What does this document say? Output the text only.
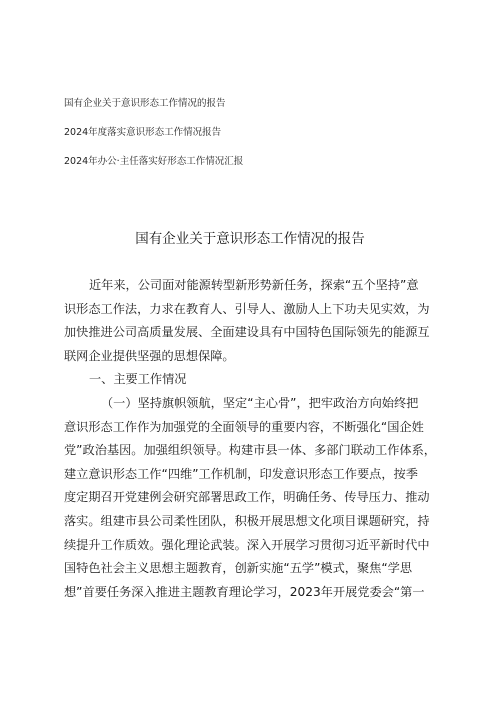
国有企业关于意识形态工作情况的报告
2024年度落实意识形态工作情况报告
2024年办公·主任落实好形态工作情况汇报
国有企业关于意识形态工作情况的报告
近年来，公司面对能源转型新形势新任务，探索“五个坚持”意
识形态工作法，力求在教育人、引导人、激励人上下功夫见实效，为
加快推进公司高质量发展、全面建设具有中国特色国际领先的能源互
联网企业提供坚强的思想保障。
一、主要工作情况
（一）坚持旗帜领航，坚定“主心骨”，把牢政治方向始终把
意识形态工作作为加强党的全面领导的重要内容，不断强化“国企姓
党”政治基因。加强组织领导。构建市县一体、多部门联动工作体系，
建立意识形态工作“四维”工作机制，印发意识形态工作要点，按季
度定期召开党建例会研究部署思政工作，明确任务、传导压力、推动
落实。组建市县公司柔性团队，积极开展思想文化项目课题研究，持
续提升工作质效。强化理论武装。深入开展学习贯彻习近平新时代中
国特色社会主义思想主题教育，创新实施“五学”模式，聚焦“学思
想”首要任务深入推进主题教育理论学习，2023年开展党委会“第一
